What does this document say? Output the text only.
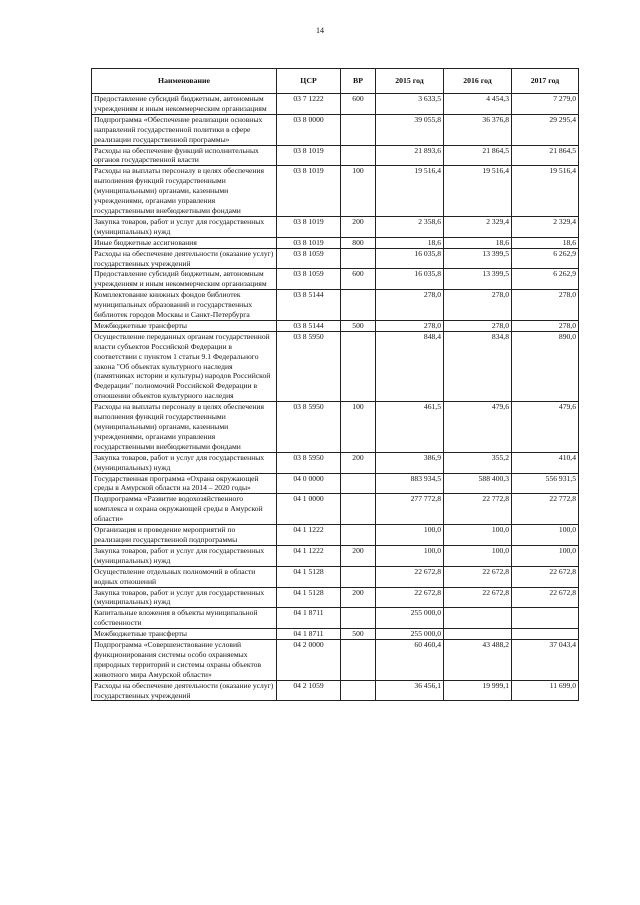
14
Наименование	ЦСР	ВР	2015 год	2016 год	2017 год
Предоставление субсидий бюджетным, автономным учреждениям и иным некоммерческим организациям	03 7 1222	600	3 633,5	4 454,3	7 279,0
Подпрограмма «Обеспечение реализации основных направлений государственной политики в сфере реализации государственной программы»	03 8 0000		39 055,8	36 376,8	29 295,4
Расходы на обеспечение функций исполнительных органов государственной власти	03 8 1019		21 893,6	21 864,5	21 864,5
Расходы на выплаты персоналу в целях обеспечения выполнения функций государственными (муниципальными) органами, казенными учреждениями, органами управления государственными внебюджетными фондами	03 8 1019	100	19 516,4	19 516,4	19 516,4
Закупка товаров, работ и услуг для государственных (муниципальных) нужд	03 8 1019	200	2 358,6	2 329,4	2 329,4
Иные бюджетные ассигнования	03 8 1019	800	18,6	18,6	18,6
Расходы на обеспечение деятельности (оказание услуг) государственных учреждений	03 8 1059		16 035,8	13 399,5	6 262,9
Предоставление субсидий бюджетным, автономным учреждениям и иным некоммерческим организациям	03 8 1059	600	16 035,8	13 399,5	6 262,9
Комплектование книжных фондов библиотек муниципальных образований и государственных библиотек городов Москвы и Санкт-Петербурга	03 8 5144		278,0	278,0	278,0
Межбюджетные трансферты	03 8 5144	500	278,0	278,0	278,0
Осуществление переданных органам государственной власти субъектов Российской Федерации в соответствии с пунктом 1 статьи 9.1 Федерального закона "Об объектах культурного наследия (памятниках истории и культуры) народов Российской Федерации" полномочий Российской Федерации в отношении объектов культурного наследия	03 8 5950		848,4	834,8	890,0
Расходы на выплаты персоналу в целях обеспечения выполнения функций государственными (муниципальными) органами, казенными учреждениями, органами управления государственными внебюджетными фондами	03 8 5950	100	461,5	479,6	479,6
Закупка товаров, работ и услуг для государственных (муниципальных) нужд	03 8 5950	200	386,9	355,2	410,4
Государственная программа «Охрана окружающей среды в Амурской области на 2014 – 2020 годы»	04 0 0000		883 934,5	588 400,3	556 931,5
Подпрограмма «Развитие водохозяйственного комплекса и охрана окружающей среды в Амурской области»	04 1 0000		277 772,8	22 772,8	22 772,8
Организация и проведение мероприятий по реализации государственной подпрограммы	04 1 1222		100,0	100,0	100,0
Закупка товаров, работ и услуг для государственных (муниципальных) нужд	04 1 1222	200	100,0	100,0	100,0
Осуществление отдельных полномочий в области водных отношений	04 1 5128		22 672,8	22 672,8	22 672,8
Закупка товаров, работ и услуг для государственных (муниципальных) нужд	04 1 5128	200	22 672,8	22 672,8	22 672,8
Капитальные вложения в объекты муниципальной собственности	04 1 8711		255 000,0		
Межбюджетные трансферты	04 1 8711	500	255 000,0		
Подпрограмма «Совершенствование условий функционирования системы особо охраняемых природных территорий и системы охраны объектов животного мира Амурской области»	04 2 0000		60 460,4	43 488,2	37 043,4
Расходы на обеспечение деятельности (оказание услуг) государственных учреждений	04 2 1059		36 456,1	19 999,1	11 699,0
